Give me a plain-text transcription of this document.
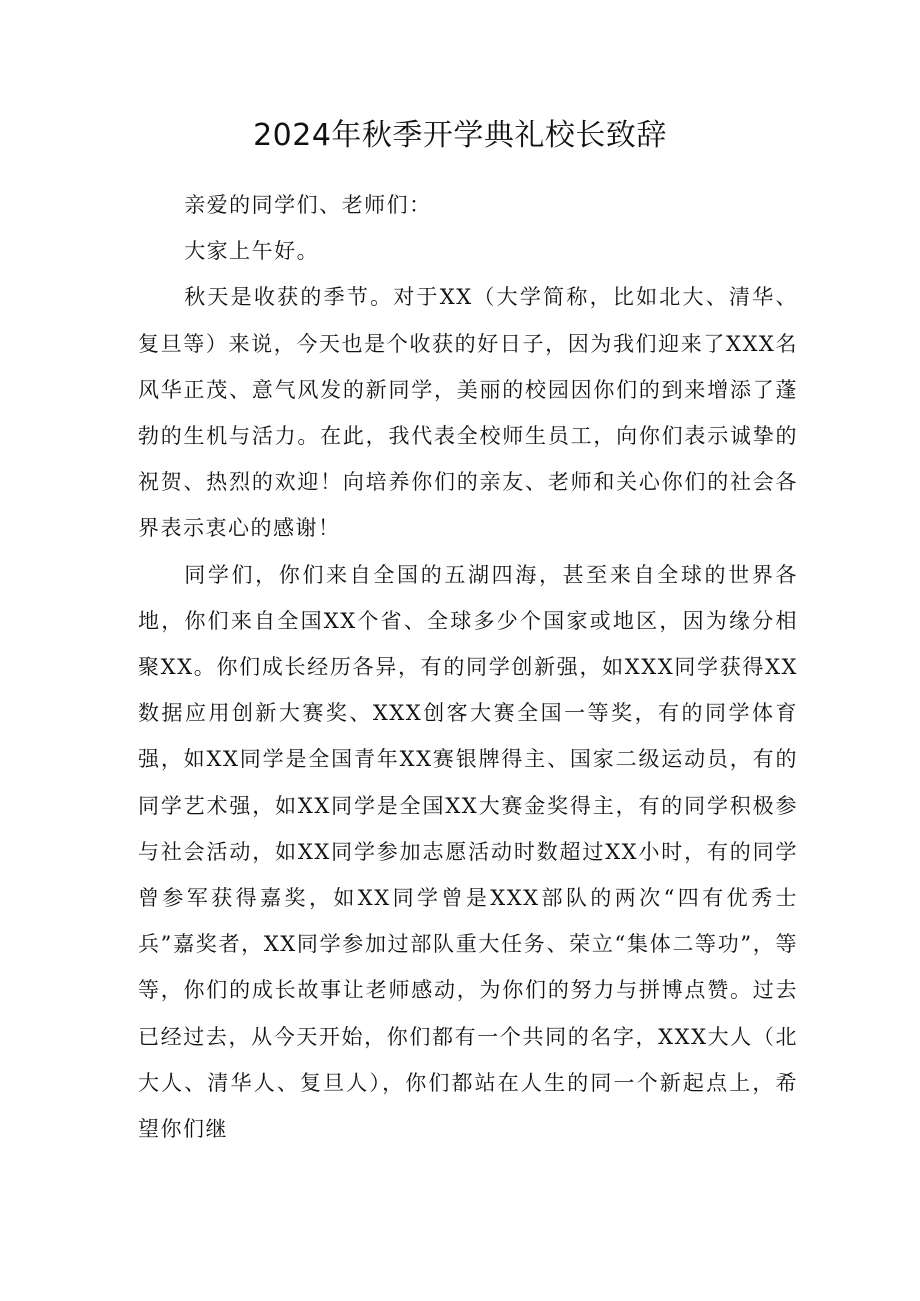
2024年秋季开学典礼校长致辞

亲爱的同学们、老师们：

大家上午好。

秋天是收获的季节。对于XX（大学简称，比如北大、清华、复旦等）来说，今天也是个收获的好日子，因为我们迎来了XXX名风华正茂、意气风发的新同学，美丽的校园因你们的到来增添了蓬勃的生机与活力。在此，我代表全校师生员工，向你们表示诚挚的祝贺、热烈的欢迎！向培养你们的亲友、老师和关心你们的社会各界表示衷心的感谢！

同学们，你们来自全国的五湖四海，甚至来自全球的世界各地，你们来自全国XX个省、全球多少个国家或地区，因为缘分相聚XX。你们成长经历各异，有的同学创新强，如XXX同学获得XX数据应用创新大赛奖、XXX创客大赛全国一等奖，有的同学体育强，如XX同学是全国青年XX赛银牌得主、国家二级运动员，有的同学艺术强，如XX同学是全国XX大赛金奖得主，有的同学积极参与社会活动，如XX同学参加志愿活动时数超过XX小时，有的同学曾参军获得嘉奖，如XX同学曾是XXX部队的两次“四有优秀士兵”嘉奖者，XX同学参加过部队重大任务、荣立“集体二等功”，等等，你们的成长故事让老师感动，为你们的努力与拼博点赞。过去已经过去，从今天开始，你们都有一个共同的名字，XXX大人（北大人、清华人、复旦人），你们都站在人生的同一个新起点上，希望你们继
